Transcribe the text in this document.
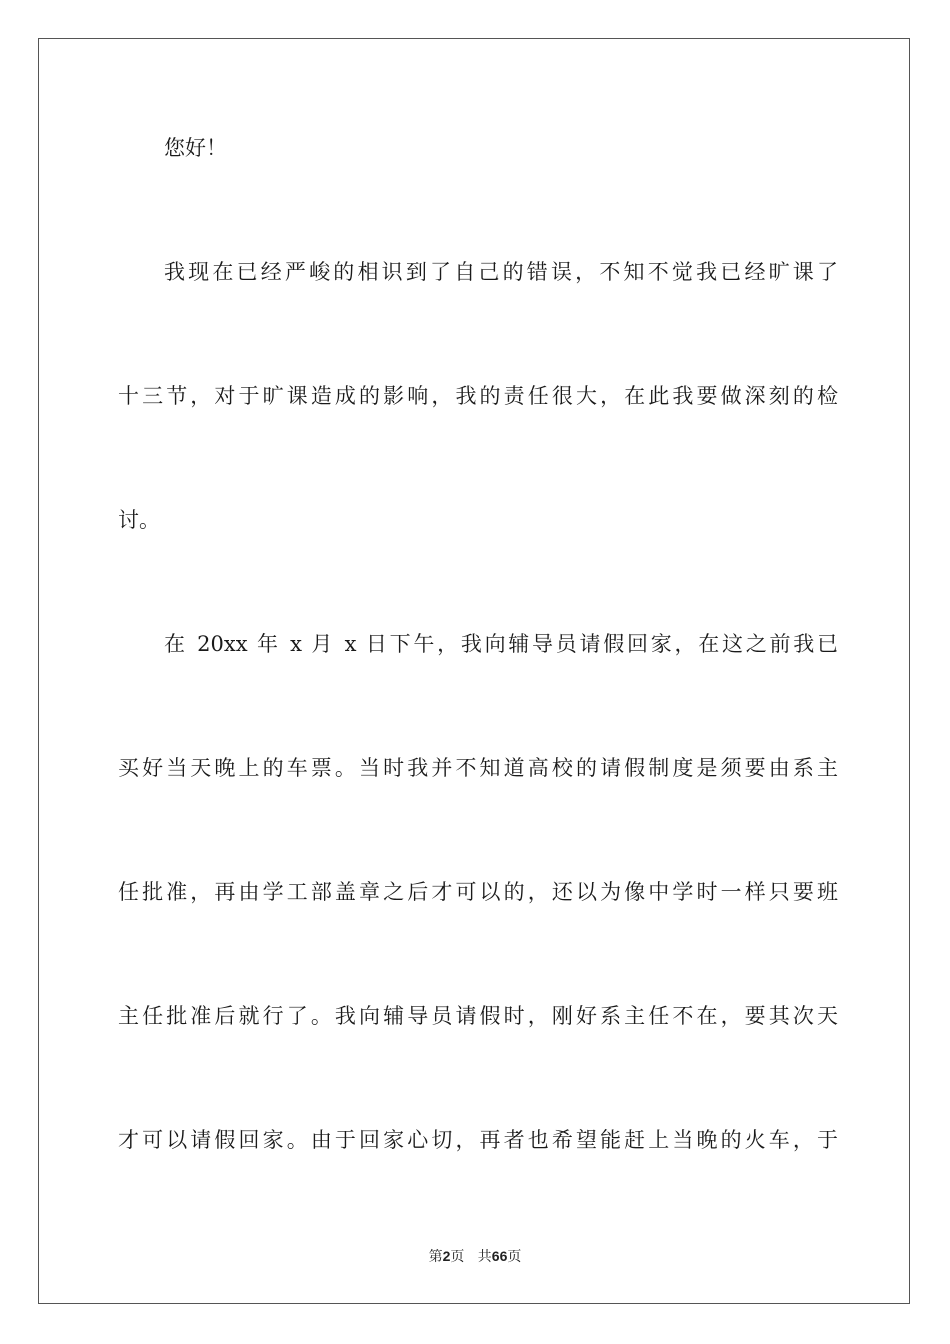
您好！

我现在已经严峻的相识到了自己的错误，不知不觉我已经旷课了

十三节，对于旷课造成的影响，我的责任很大，在此我要做深刻的检

讨。

在 20xx 年 x 月 x 日下午，我向辅导员请假回家，在这之前我已

买好当天晚上的车票。当时我并不知道高校的请假制度是须要由系主

任批准，再由学工部盖章之后才可以的，还以为像中学时一样只要班

主任批准后就行了。我向辅导员请假时，刚好系主任不在，要其次天

才可以请假回家。由于回家心切，再者也希望能赶上当晚的火车，于

第2页 共66页
